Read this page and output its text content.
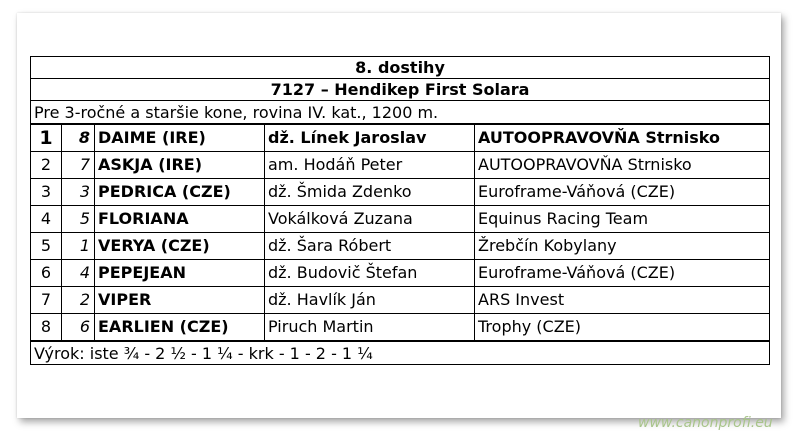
8. dostihy				
7127 – Hendikep First Solara				
Pre 3-ročné a staršie kone, rovina IV. kat., 1200 m.				
1	8	DAIME (IRE)	dž. Línek Jaroslav	AUTOOPRAVOVŇA Strnisko
2	7	ASKJA (IRE)	am. Hodáň Peter	AUTOOPRAVOVŇA Strnisko
3	3	PEDRICA (CZE)	dž. Šmida Zdenko	Euroframe-Váňová (CZE)
4	5	FLORIANA	Vokálková Zuzana	Equinus Racing Team
5	1	VERYA (CZE)	dž. Šara Róbert	Žrebčín Kobylany
6	4	PEPEJEAN	dž. Budovič Štefan	Euroframe-Váňová (CZE)
7	2	VIPER	dž. Havlík Ján	ARS Invest
8	6	EARLIEN (CZE)	Piruch Martin	Trophy (CZE)
Výrok: iste ¾ - 2 ½ - 1 ¼ - krk - 1 - 2 - 1 ¼				
www.canonprofi.eu
